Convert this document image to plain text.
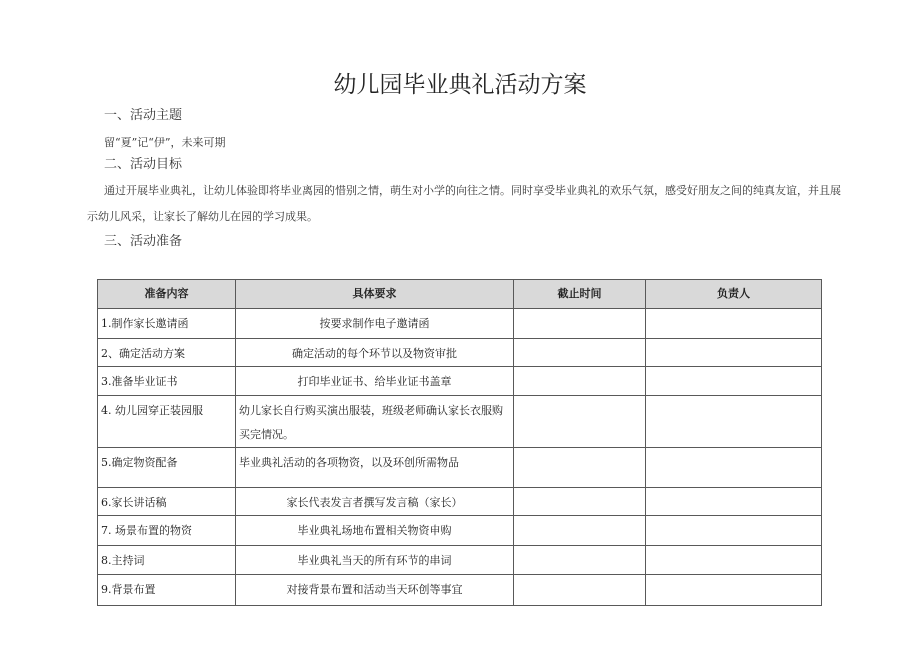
幼儿园毕业典礼活动方案
一、活动主题
留“夏”记“伊”，未来可期
二、活动目标
通过开展毕业典礼，让幼儿体验即将毕业离园的惜别之情，萌生对小学的向往之情。同时享受毕业典礼的欢乐气氛，感受好朋友之间的纯真友谊，并且展
示幼儿风采，让家长了解幼儿在园的学习成果。
三、活动准备
准备内容	具体要求	截止时间	负责人
1.制作家长邀请函	按要求制作电子邀请函		
2、确定活动方案	确定活动的每个环节以及物资审批		
3.准备毕业证书	打印毕业证书、给毕业证书盖章		
4. 幼儿园穿正装园服	幼儿家长自行购买演出服装，班级老师确认家长衣服购买完情况。		
5.确定物资配备	毕业典礼活动的各项物资，以及环创所需物品		
6.家长讲话稿	家长代表发言者撰写发言稿（家长）		
7. 场景布置的物资	毕业典礼场地布置相关物资申购		
8.主持词	毕业典礼当天的所有环节的串词		
9.背景布置	对接背景布置和活动当天环创等事宜		
